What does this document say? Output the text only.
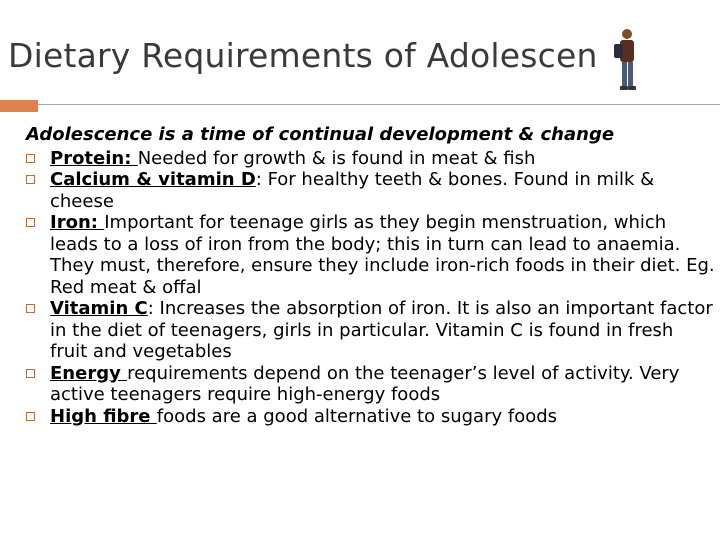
Dietary Requirements of Adolescen
Adolescence is a time of continual development & change
Protein: Needed for growth & is found in meat & fish
Calcium & vitamin D: For healthy teeth & bones. Found in milk & cheese
Iron: Important for teenage girls as they begin menstruation, which leads to a loss of iron from the body; this in turn can lead to anaemia. They must, therefore, ensure they include iron-rich foods in their diet. Eg. Red meat & offal
Vitamin C: Increases the absorption of iron. It is also an important factor in the diet of teenagers, girls in particular. Vitamin C is found in fresh fruit and vegetables
Energy requirements depend on the teenager’s level of activity. Very active teenagers require high-energy foods
High fibre foods are a good alternative to sugary foods
